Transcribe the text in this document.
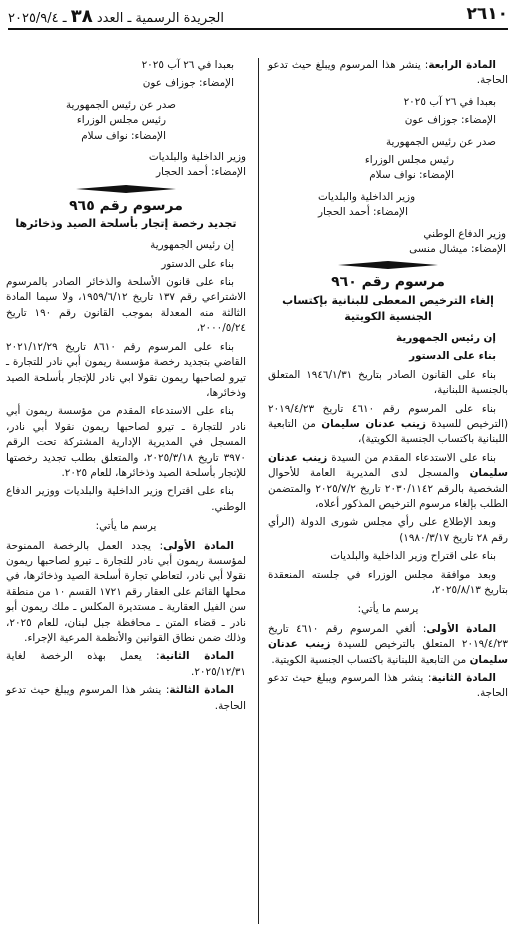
الجريدة الرسمية ـ العدد ٣٨ ـ ٢٠٢٥/٩/٤	٢٦١٠

المادة الرابعة: ينشر هذا المرسوم ويبلغ حيث تدعو الحاجة.

بعبدا في ٢٦ آب ٢٠٢٥

الإمضاء: جوزاف عون

صدر عن رئيس الجمهورية

رئيس مجلس الوزراء

الإمضاء: نواف سلام

وزير الداخلية والبلديات

الإمضاء: أحمد الحجار

وزير الدفاع الوطني

الإمضاء: ميشال منسى

مرسوم رقم ٩٦٠
إلغاء الترخيص المعطى للبنانية بإكتساب الجنسية الكويتية

إن رئيس الجمهورية

بناء على الدستور

بناء على القانون الصادر بتاريخ ١٩٤٦/١/٣١ المتعلق بالجنسية اللبنانية،

بناء على المرسوم رقم ٤٦١٠ تاريخ ٢٠١٩/٤/٢٣ (الترخيص للسيدة زينب عدنان سليمان من التابعية اللبنانية باكتساب الجنسية الكويتية)،

بناء على الاستدعاء المقدم من السيدة زينب عدنان سليمان والمسجل لدى المديرية العامة للأحوال الشخصية بالرقم ٢٠٣٠/١١٤٢ تاريخ ٢٠٢٥/٧/٢ والمتضمن الطلب بإلغاء مرسوم الترخيص المذكور أعلاه،

وبعد الإطلاع على رأي مجلس شورى الدولة (الرأي رقم ٢٨ تاريخ ١٩٨٠/٣/١٧)

بناء على اقتراح وزير الداخلية والبلديات

وبعد موافقة مجلس الوزراء في جلسته المنعقدة بتاريخ ٢٠٢٥/٨/١٣،

يرسم ما يأتي:

المادة الأولى: ألغي المرسوم رقم ٤٦١٠ تاريخ ٢٠١٩/٤/٢٣ المتعلق بالترخيص للسيدة زينب عدنان سليمان من التابعية اللبنانية باكتساب الجنسية الكويتية.

المادة الثانية: ينشر هذا المرسوم ويبلغ حيث تدعو الحاجة.

بعبدا في ٢٦ آب ٢٠٢٥

الإمضاء: جوزاف عون

صدر عن رئيس الجمهورية

رئيس مجلس الوزراء

الإمضاء: نواف سلام

وزير الداخلية والبلديات

الإمضاء: أحمد الحجار

مرسوم رقم ٩٦٥
تجديد رخصة إتجار بأسلحة الصيد وذخائرها

إن رئيس الجمهورية

بناء على الدستور

بناء على قانون الأسلحة والذخائر الصادر بالمرسوم الاشتراعي رقم ١٣٧ تاريخ ١٩٥٩/٦/١٢، ولا سيما المادة الثالثة منه المعدلة بموجب القانون رقم ١٩٠ تاريخ ٢٠٠٠/٥/٢٤،

بناء على المرسوم رقم ٨٦١٠ تاريخ ٢٠٢١/١٢/٢٩ القاضي بتجديد رخصة مؤسسة ريمون أبي نادر للتجارة ـ تيرو لصاحبها ريمون نقولا ابي نادر للإتجار بأسلحة الصيد وذخائرها،

بناء على الاستدعاء المقدم من مؤسسة ريمون أبي نادر للتجارة ـ تيرو لصاحبها ريمون نقولا أبي نادر، المسجل في المديرية الإدارية المشتركة تحت الرقم ٣٩٧٠ تاريخ ٢٠٢٥/٣/١٨، والمتعلق بطلب تجديد رخصتها للإتجار بأسلحة الصيد وذخائرها، للعام ٢٠٢٥.

بناء على اقتراح وزير الداخلية والبلديات ووزير الدفاع الوطني.

يرسم ما يأتي:

المادة الأولى: يجدد العمل بالرخصة الممنوحة لمؤسسة ريمون أبي نادر للتجارة ـ تيرو لصاحبها ريمون نقولا أبي نادر، لتعاطي تجارة أسلحة الصيد وذخائرها، في محلها القائم على العقار رقم ١٧٢١ القسم ١٠ من منطقة سن الفيل العقارية ـ مستديرة المكلس ـ ملك ريمون أبو نادر ـ قضاء المتن ـ محافظة جبل لبنان، للعام ٢٠٢٥، وذلك ضمن نطاق القوانين والأنظمة المرعية الإجراء.

المادة الثانية: يعمل بهذه الرخصة لغاية ٢٠٢٥/١٢/٣١.

المادة الثالثة: ينشر هذا المرسوم ويبلغ حيث تدعو الحاجة.
